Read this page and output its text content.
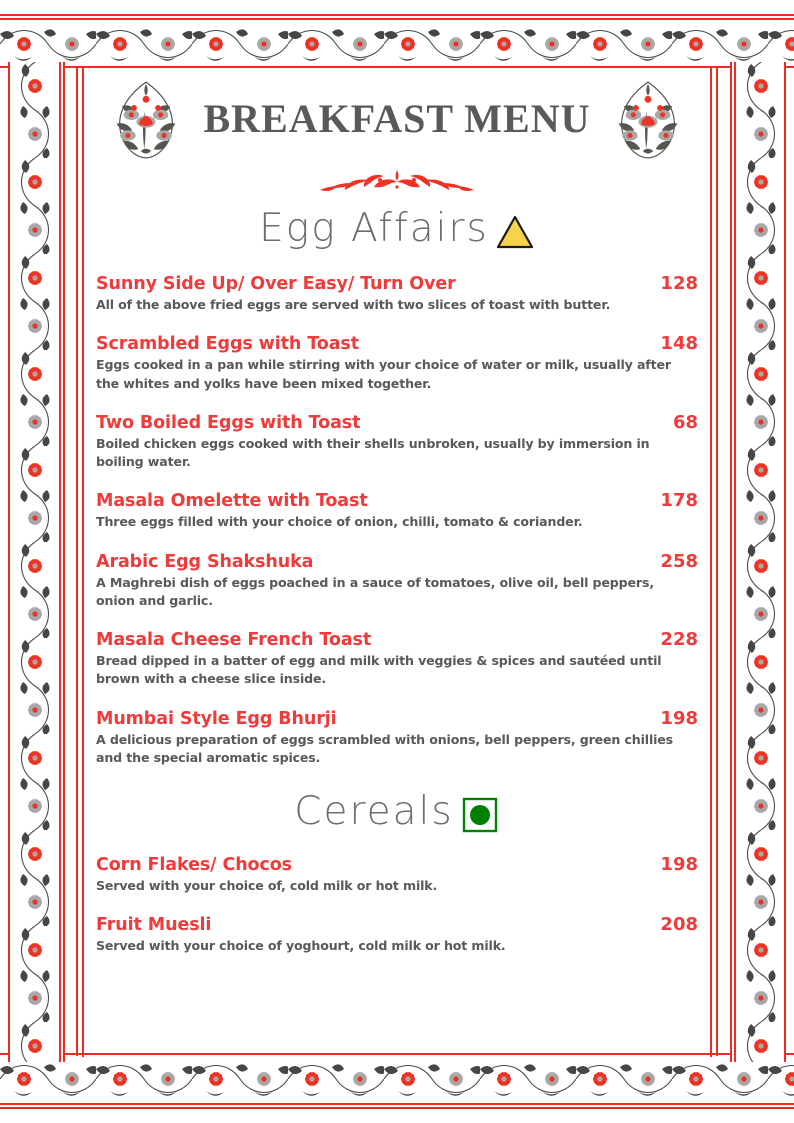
BREAKFAST MENU
Egg Affairs
Sunny Side Up/ Over Easy/ Turn Over	128
All of the above fried eggs are served with two slices of toast with butter.
Scrambled Eggs with Toast	148
Eggs cooked in a pan while stirring with your choice of water or milk, usually after the whites and yolks have been mixed together.
Two Boiled Eggs with Toast	68
Boiled chicken eggs cooked with their shells unbroken, usually by immersion in boiling water.
Masala Omelette with Toast	178
Three eggs filled with your choice of onion, chilli, tomato & coriander.
Arabic Egg Shakshuka	258
A Maghrebi dish of eggs poached in a sauce of tomatoes, olive oil, bell peppers, onion and garlic.
Masala Cheese French Toast	228
Bread dipped in a batter of egg and milk with veggies & spices and sautéed until brown with a cheese slice inside.
Mumbai Style Egg Bhurji	198
A delicious preparation of eggs scrambled with onions, bell peppers, green chillies and the special aromatic spices.
Cereals
Corn Flakes/ Chocos	198
Served with your choice of, cold milk or hot milk.
Fruit Muesli	208
Served with your choice of yoghourt, cold milk or hot milk.
